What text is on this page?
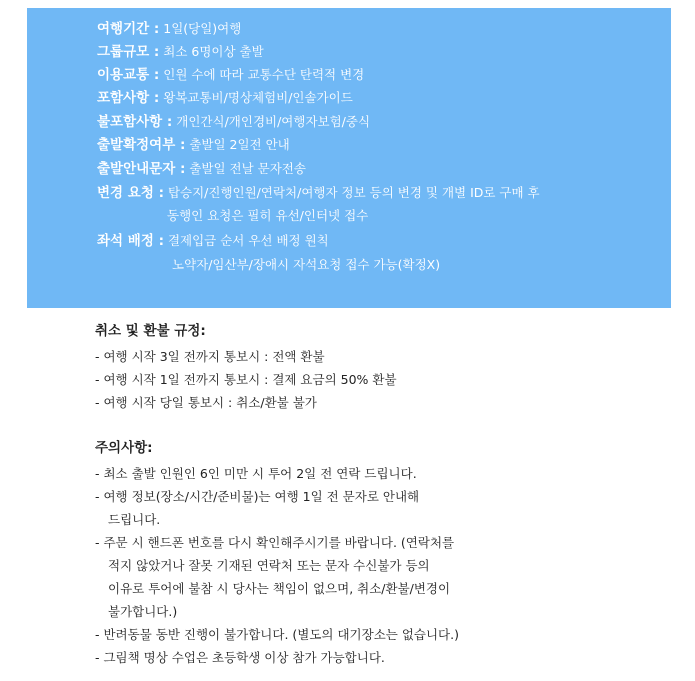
여행기간 : 1일(당일)여행
그룹규모 : 최소 6명이상 출발
이용교통 : 인원 수에 따라 교통수단 탄력적 변경
포함사항 : 왕복교통비/명상체험비/인솔가이드
불포함사항 : 개인간식/개인경비/여행자보험/중식
출발확정여부 : 출발일 2일전 안내
출발안내문자 : 출발일 전날 문자전송
변경 요청 : 탑승지/진행인원/연락처/여행자 정보 등의 변경 및 개별 ID로 구매 후
동행인 요청은 필히 유선/인터넷 접수
좌석 배정 : 결제입금 순서 우선 배정 원칙
노약자/임산부/장애시 자석요청 접수 가능(확정X)
취소 및 환불 규정:
- 여행 시작 3일 전까지 통보시 : 전액 환불
- 여행 시작 1일 전까지 통보시 : 결제 요금의 50% 환불
- 여행 시작 당일 통보시 : 취소/환불 불가
주의사항:
- 최소 출발 인원인 6인 미만 시 투어 2일 전 연락 드립니다.
- 여행 정보(장소/시간/준비물)는 여행 1일 전 문자로 안내해
드립니다.
- 주문 시 핸드폰 번호를 다시 확인해주시기를 바랍니다. (연락처를
적지 않았거나 잘못 기재된 연락처 또는 문자 수신불가 등의
이유로 투어에 불참 시 당사는 책임이 없으며, 취소/환불/변경이
불가합니다.)
- 반려동물 동반 진행이 불가합니다. (별도의 대기장소는 없습니다.)
- 그림책 명상 수업은 초등학생 이상 참가 가능합니다.
